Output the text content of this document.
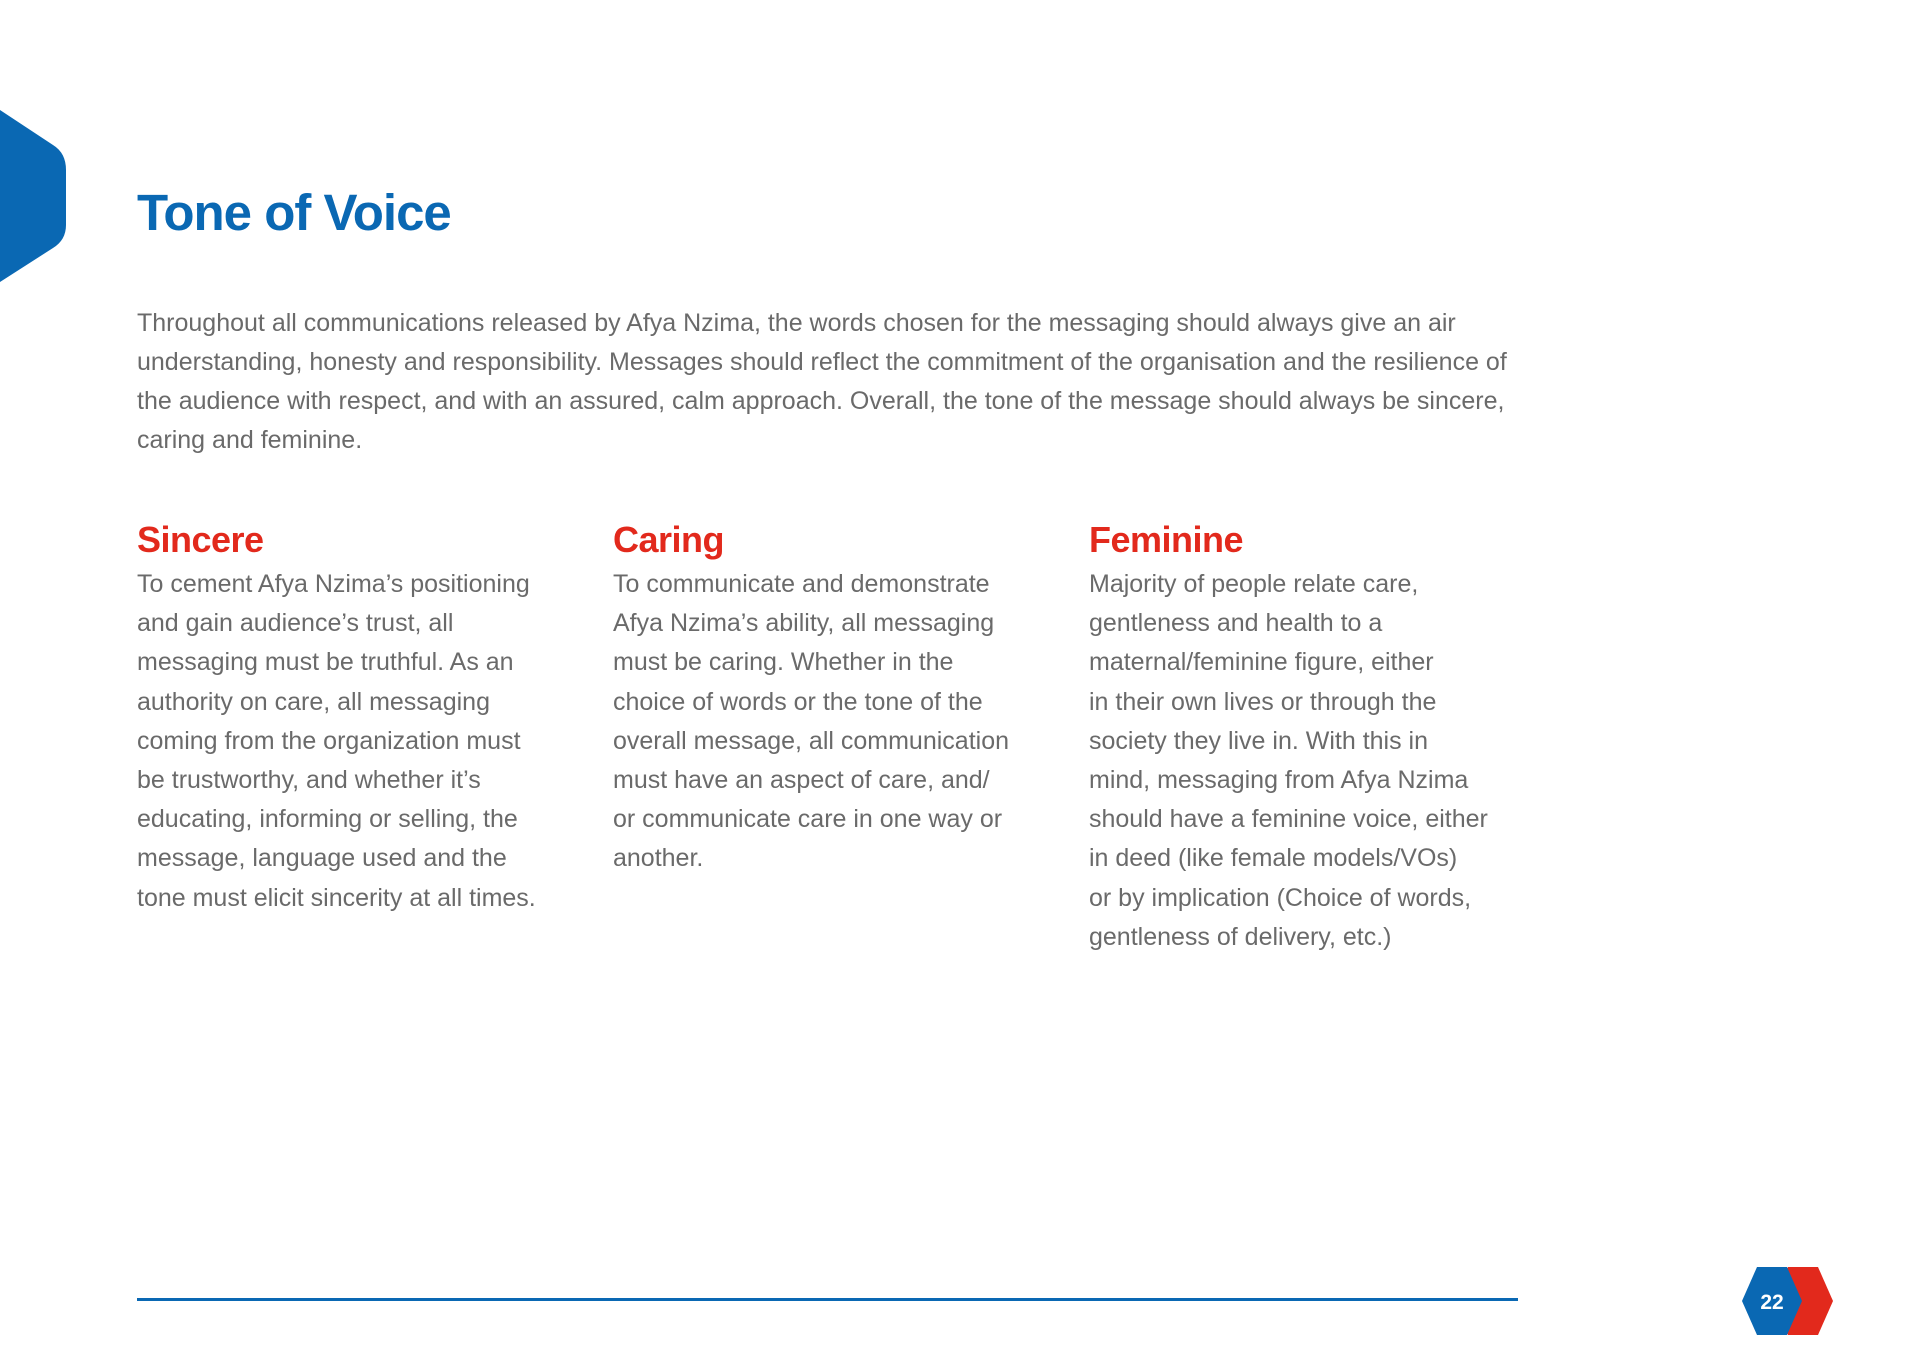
Tone of Voice

Throughout all communications released by Afya Nzima, the words chosen for the messaging should always give an air understanding, honesty and responsibility. Messages should reflect the commitment of the organisation and the resilience of the audience with respect, and with an assured, calm approach. Overall, the tone of the message should always be sincere, caring and feminine.

Sincere

To cement Afya Nzima’s positioning
and gain audience’s trust, all
messaging must be truthful. As an
authority on care, all messaging
coming from the organization must
be trustworthy, and whether it’s
educating, informing or selling, the
message, language used and the
tone must elicit sincerity at all times.

Caring

To communicate and demonstrate
Afya Nzima’s ability, all messaging
must be caring. Whether in the
choice of words or the tone of the
overall message, all communication
must have an aspect of care, and/
or communicate care in one way or
another.

Feminine

Majority of people relate care,
gentleness and health to a
maternal/feminine figure, either
in their own lives or through the
society they live in. With this in
mind, messaging from Afya Nzima
should have a feminine voice, either
in deed (like female models/VOs)
or by implication (Choice of words,
gentleness of delivery, etc.)

22
